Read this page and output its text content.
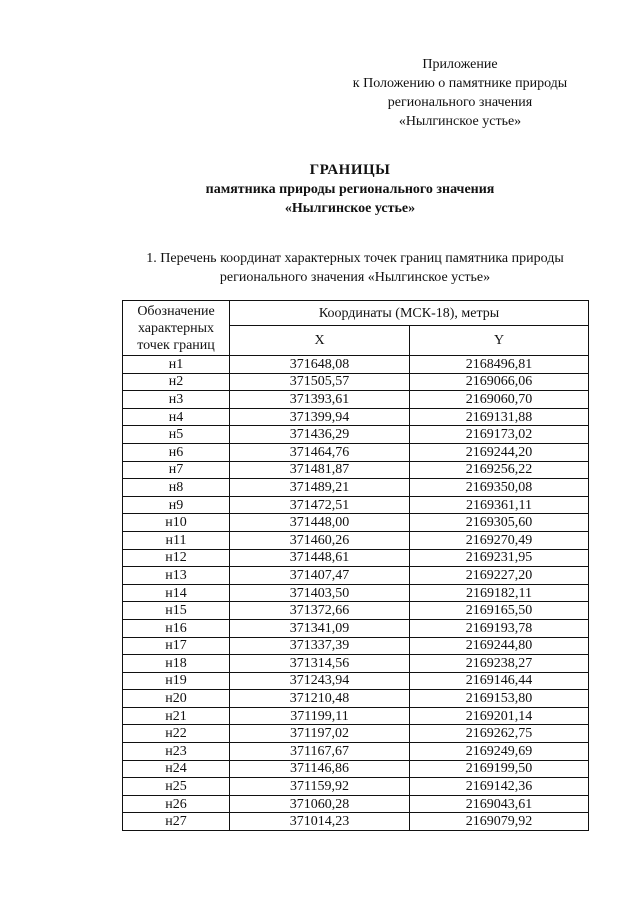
Приложение
к Положению о памятнике природы
регионального значения
«Нылгинское устье»
ГРАНИЦЫ
памятника природы регионального значения
«Нылгинское устье»
1. Перечень координат характерных точек границ памятника природы
регионального значения «Нылгинское устье»
Обозначение характерных точек границ	Координаты (МСК-18), метры	
	X	Y
н1	371648,08	2168496,81
н2	371505,57	2169066,06
н3	371393,61	2169060,70
н4	371399,94	2169131,88
н5	371436,29	2169173,02
н6	371464,76	2169244,20
н7	371481,87	2169256,22
н8	371489,21	2169350,08
н9	371472,51	2169361,11
н10	371448,00	2169305,60
н11	371460,26	2169270,49
н12	371448,61	2169231,95
н13	371407,47	2169227,20
н14	371403,50	2169182,11
н15	371372,66	2169165,50
н16	371341,09	2169193,78
н17	371337,39	2169244,80
н18	371314,56	2169238,27
н19	371243,94	2169146,44
н20	371210,48	2169153,80
н21	371199,11	2169201,14
н22	371197,02	2169262,75
н23	371167,67	2169249,69
н24	371146,86	2169199,50
н25	371159,92	2169142,36
н26	371060,28	2169043,61
н27	371014,23	2169079,92
